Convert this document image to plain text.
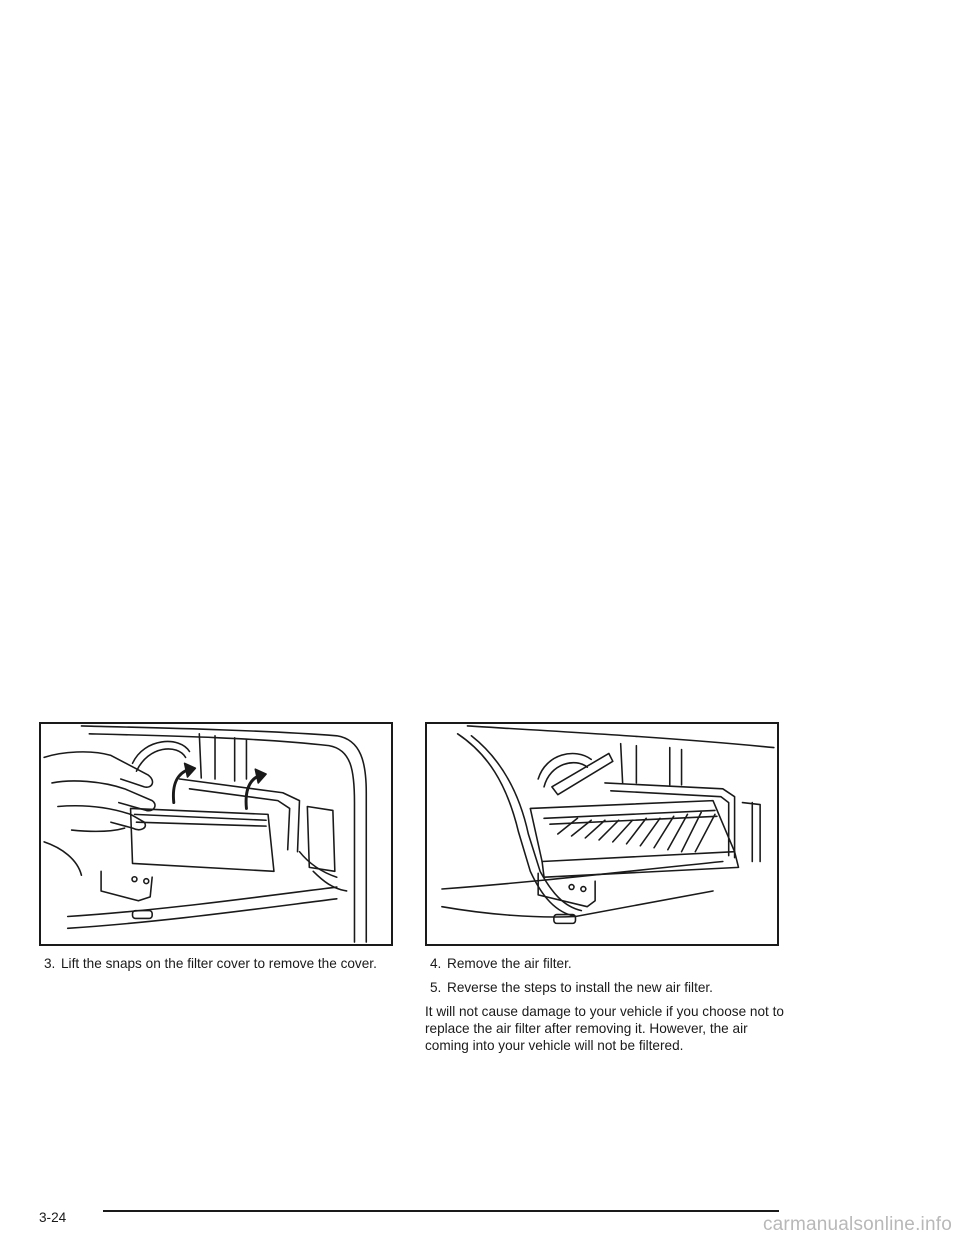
3. Lift the snaps on the filter cover to remove the cover.	4. Remove the air filter.

5. Reverse the steps to install the new air filter.

It will not cause damage to your vehicle if you choose not to replace the air filter after removing it. However, the air coming into your vehicle will not be filtered.

3-24	carmanualsonline.info
